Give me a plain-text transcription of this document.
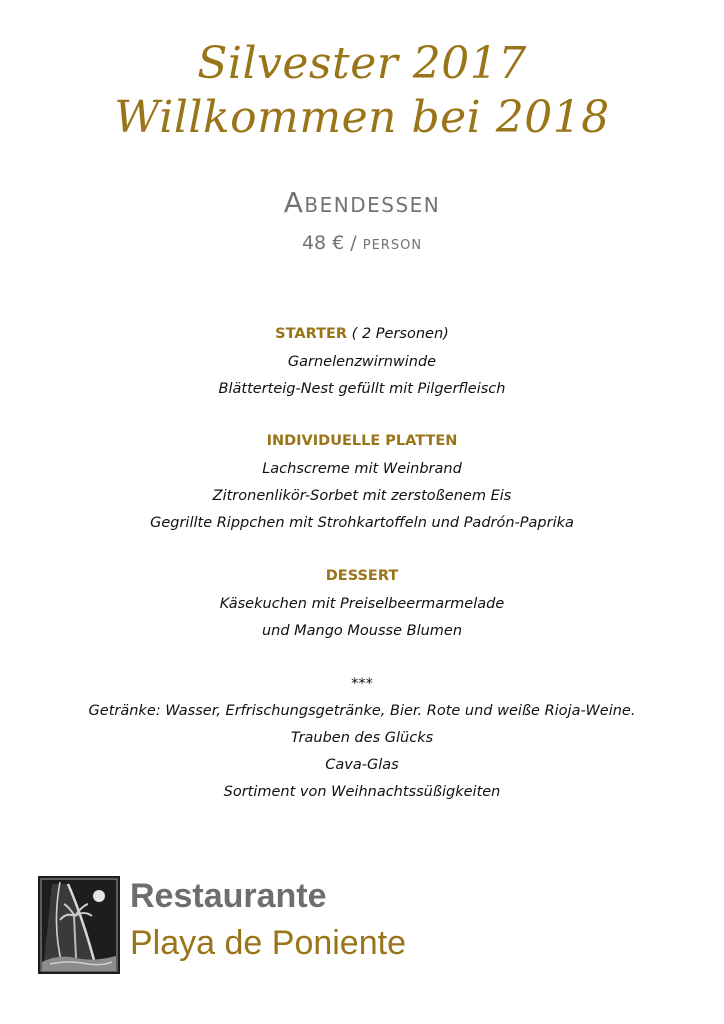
Silvester 2017
Willkommen bei 2018
Abendessen
48 € / person
STARTER ( 2 Personen)
Garnelenzwirnwinde
Blätterteig-Nest gefüllt mit Pilgerfleisch
INDIVIDUELLE PLATTEN
Lachscreme mit Weinbrand
Zitronenlikör-Sorbet mit zerstoßenem Eis
Gegrillte Rippchen mit Strohkartoffeln und Padrón-Paprika
DESSERT
Käsekuchen mit Preiselbeermarmelade
und Mango Mousse Blumen
***
Getränke: Wasser, Erfrischungsgetränke, Bier. Rote und weiße Rioja-Weine.
Trauben des Glücks
Cava-Glas
Sortiment von Weihnachtssüßigkeiten
Restaurante
Playa de Poniente
